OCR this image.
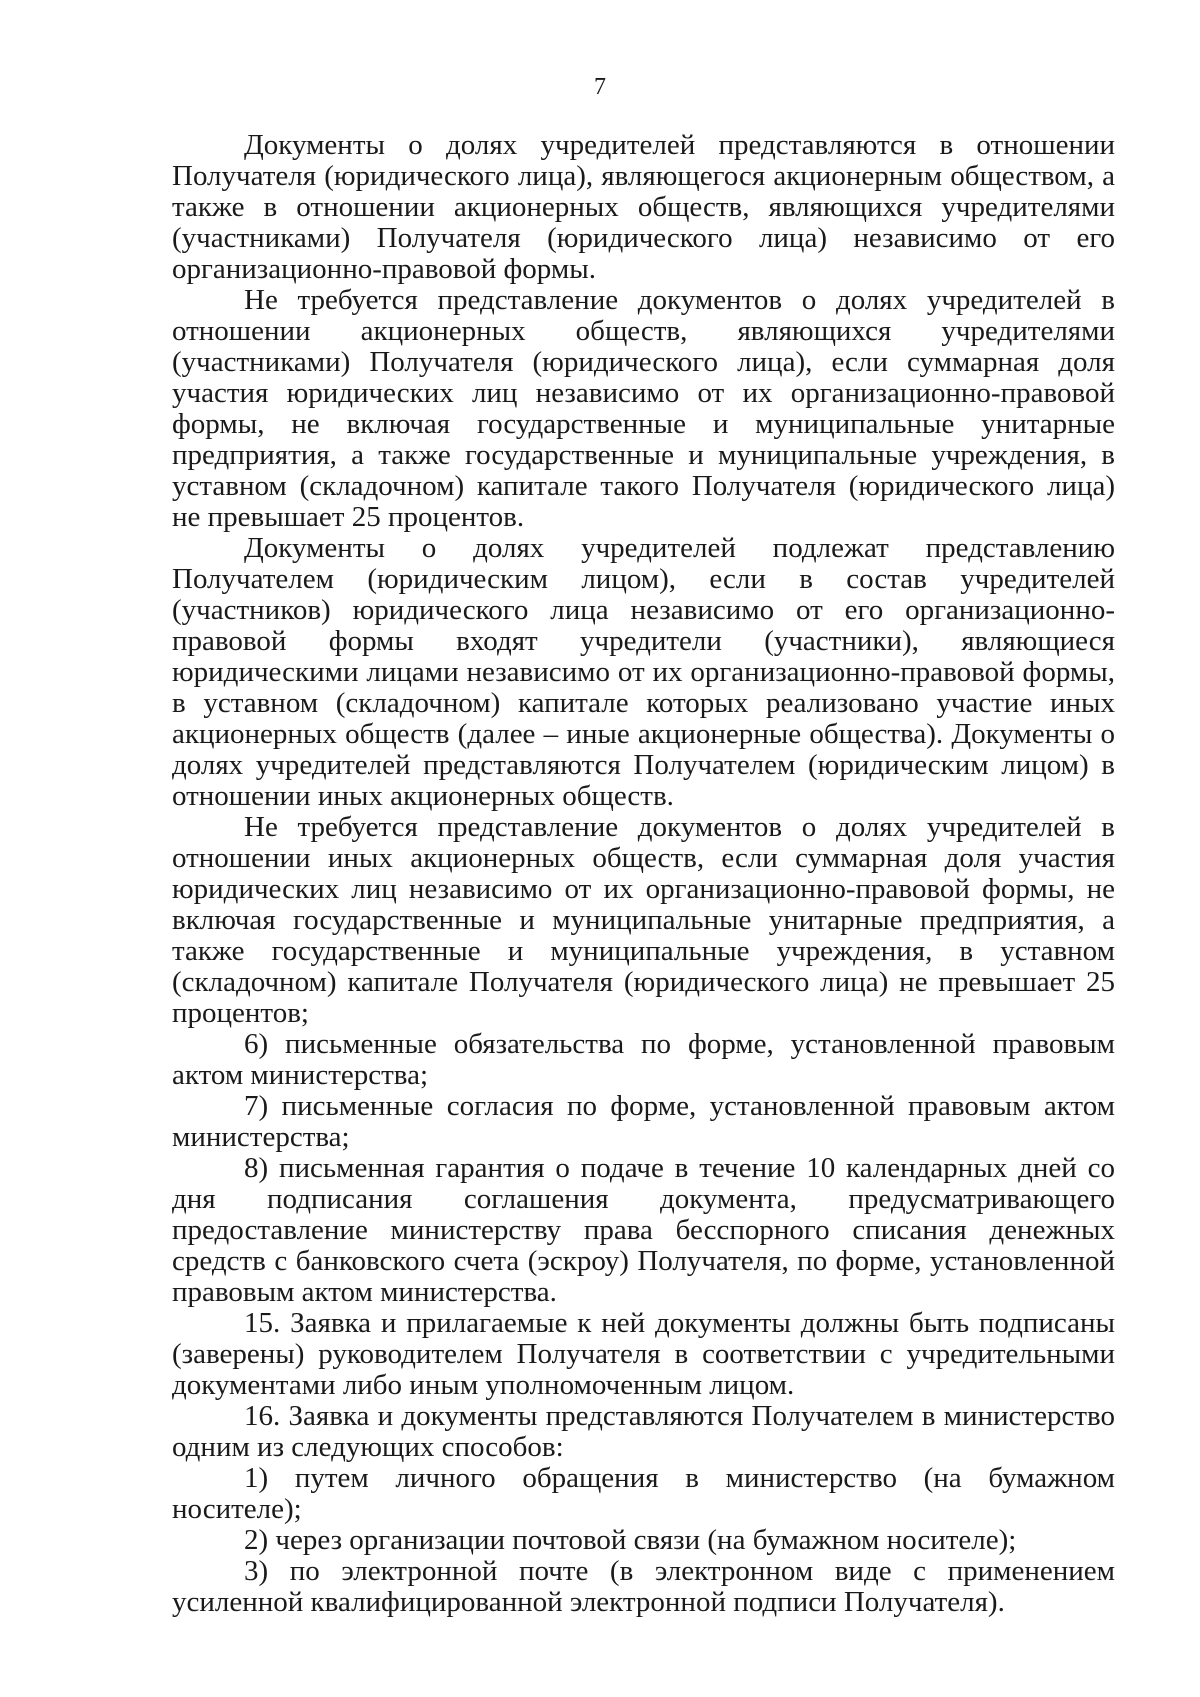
7

Документы о долях учредителей представляются в отношении Получателя (юридического лица), являющегося акционерным обществом, а также в отношении акционерных обществ, являющихся учредителями (участниками) Получателя (юридического лица) независимо от его организационно-правовой формы.

Не требуется представление документов о долях учредителей в отношении акционерных обществ, являющихся учредителями (участниками) Получателя (юридического лица), если суммарная доля участия юридических лиц независимо от их организационно-правовой формы, не включая государственные и муниципальные унитарные предприятия, а также государственные и муниципальные учреждения, в уставном (складочном) капитале такого Получателя (юридического лица) не превышает 25 процентов.

Документы о долях учредителей подлежат представлению Получателем (юридическим лицом), если в состав учредителей (участников) юридического лица независимо от его организационно-правовой формы входят учредители (участники), являющиеся юридическими лицами независимо от их организационно-правовой формы, в уставном (складочном) капитале которых реализовано участие иных акционерных обществ (далее – иные акционерные общества). Документы о долях учредителей представляются Получателем (юридическим лицом) в отношении иных акционерных обществ.

Не требуется представление документов о долях учредителей в отношении иных акционерных обществ, если суммарная доля участия юридических лиц независимо от их организационно-правовой формы, не включая государственные и муниципальные унитарные предприятия, а также государственные и муниципальные учреждения, в уставном (складочном) капитале Получателя (юридического лица) не превышает 25 процентов;

6) письменные обязательства по форме, установленной правовым актом министерства;

7) письменные согласия по форме, установленной правовым актом министерства;

8) письменная гарантия о подаче в течение 10 календарных дней со дня подписания соглашения документа, предусматривающего предоставление министерству права бесспорного списания денежных средств с банковского счета (эскроу) Получателя, по форме, установленной правовым актом министерства.

15. Заявка и прилагаемые к ней документы должны быть подписаны (заверены) руководителем Получателя в соответствии с учредительными документами либо иным уполномоченным лицом.

16. Заявка и документы представляются Получателем в министерство одним из следующих способов:

1) путем личного обращения в министерство (на бумажном носителе);

2) через организации почтовой связи (на бумажном носителе);

3) по электронной почте (в электронном виде с применением усиленной квалифицированной электронной подписи Получателя).
